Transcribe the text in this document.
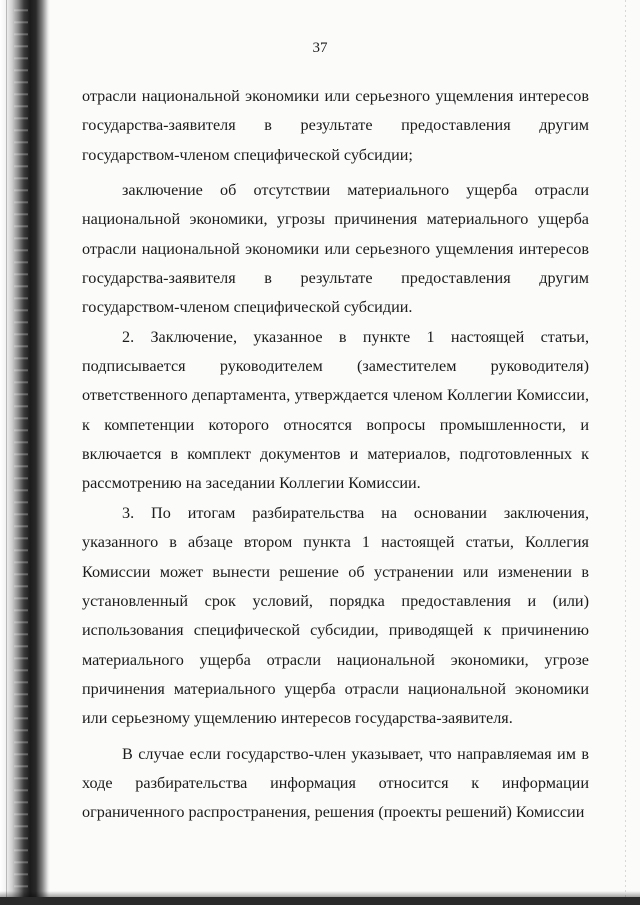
37

отрасли национальной экономики или серьезного ущемления интересов государства-заявителя в результате предоставления другим государством-членом специфической субсидии;

заключение об отсутствии материального ущерба отрасли национальной экономики, угрозы причинения материального ущерба отрасли национальной экономики или серьезного ущемления интересов государства-заявителя в результате предоставления другим государством-членом специфической субсидии.

2. Заключение, указанное в пункте 1 настоящей статьи, подписывается руководителем (заместителем руководителя) ответственного департамента, утверждается членом Коллегии Комиссии, к компетенции которого относятся вопросы промышленности, и включается в комплект документов и материалов, подготовленных к рассмотрению на заседании Коллегии Комиссии.

3. По итогам разбирательства на основании заключения, указанного в абзаце втором пункта 1 настоящей статьи, Коллегия Комиссии может вынести решение об устранении или изменении в установленный срок условий, порядка предоставления и (или) использования специфической субсидии, приводящей к причинению материального ущерба отрасли национальной экономики, угрозе причинения материального ущерба отрасли национальной экономики или серьезному ущемлению интересов государства-заявителя.

В случае если государство-член указывает, что направляемая им в ходе разбирательства информация относится к информации ограниченного распространения, решения (проекты решений) Комиссии
